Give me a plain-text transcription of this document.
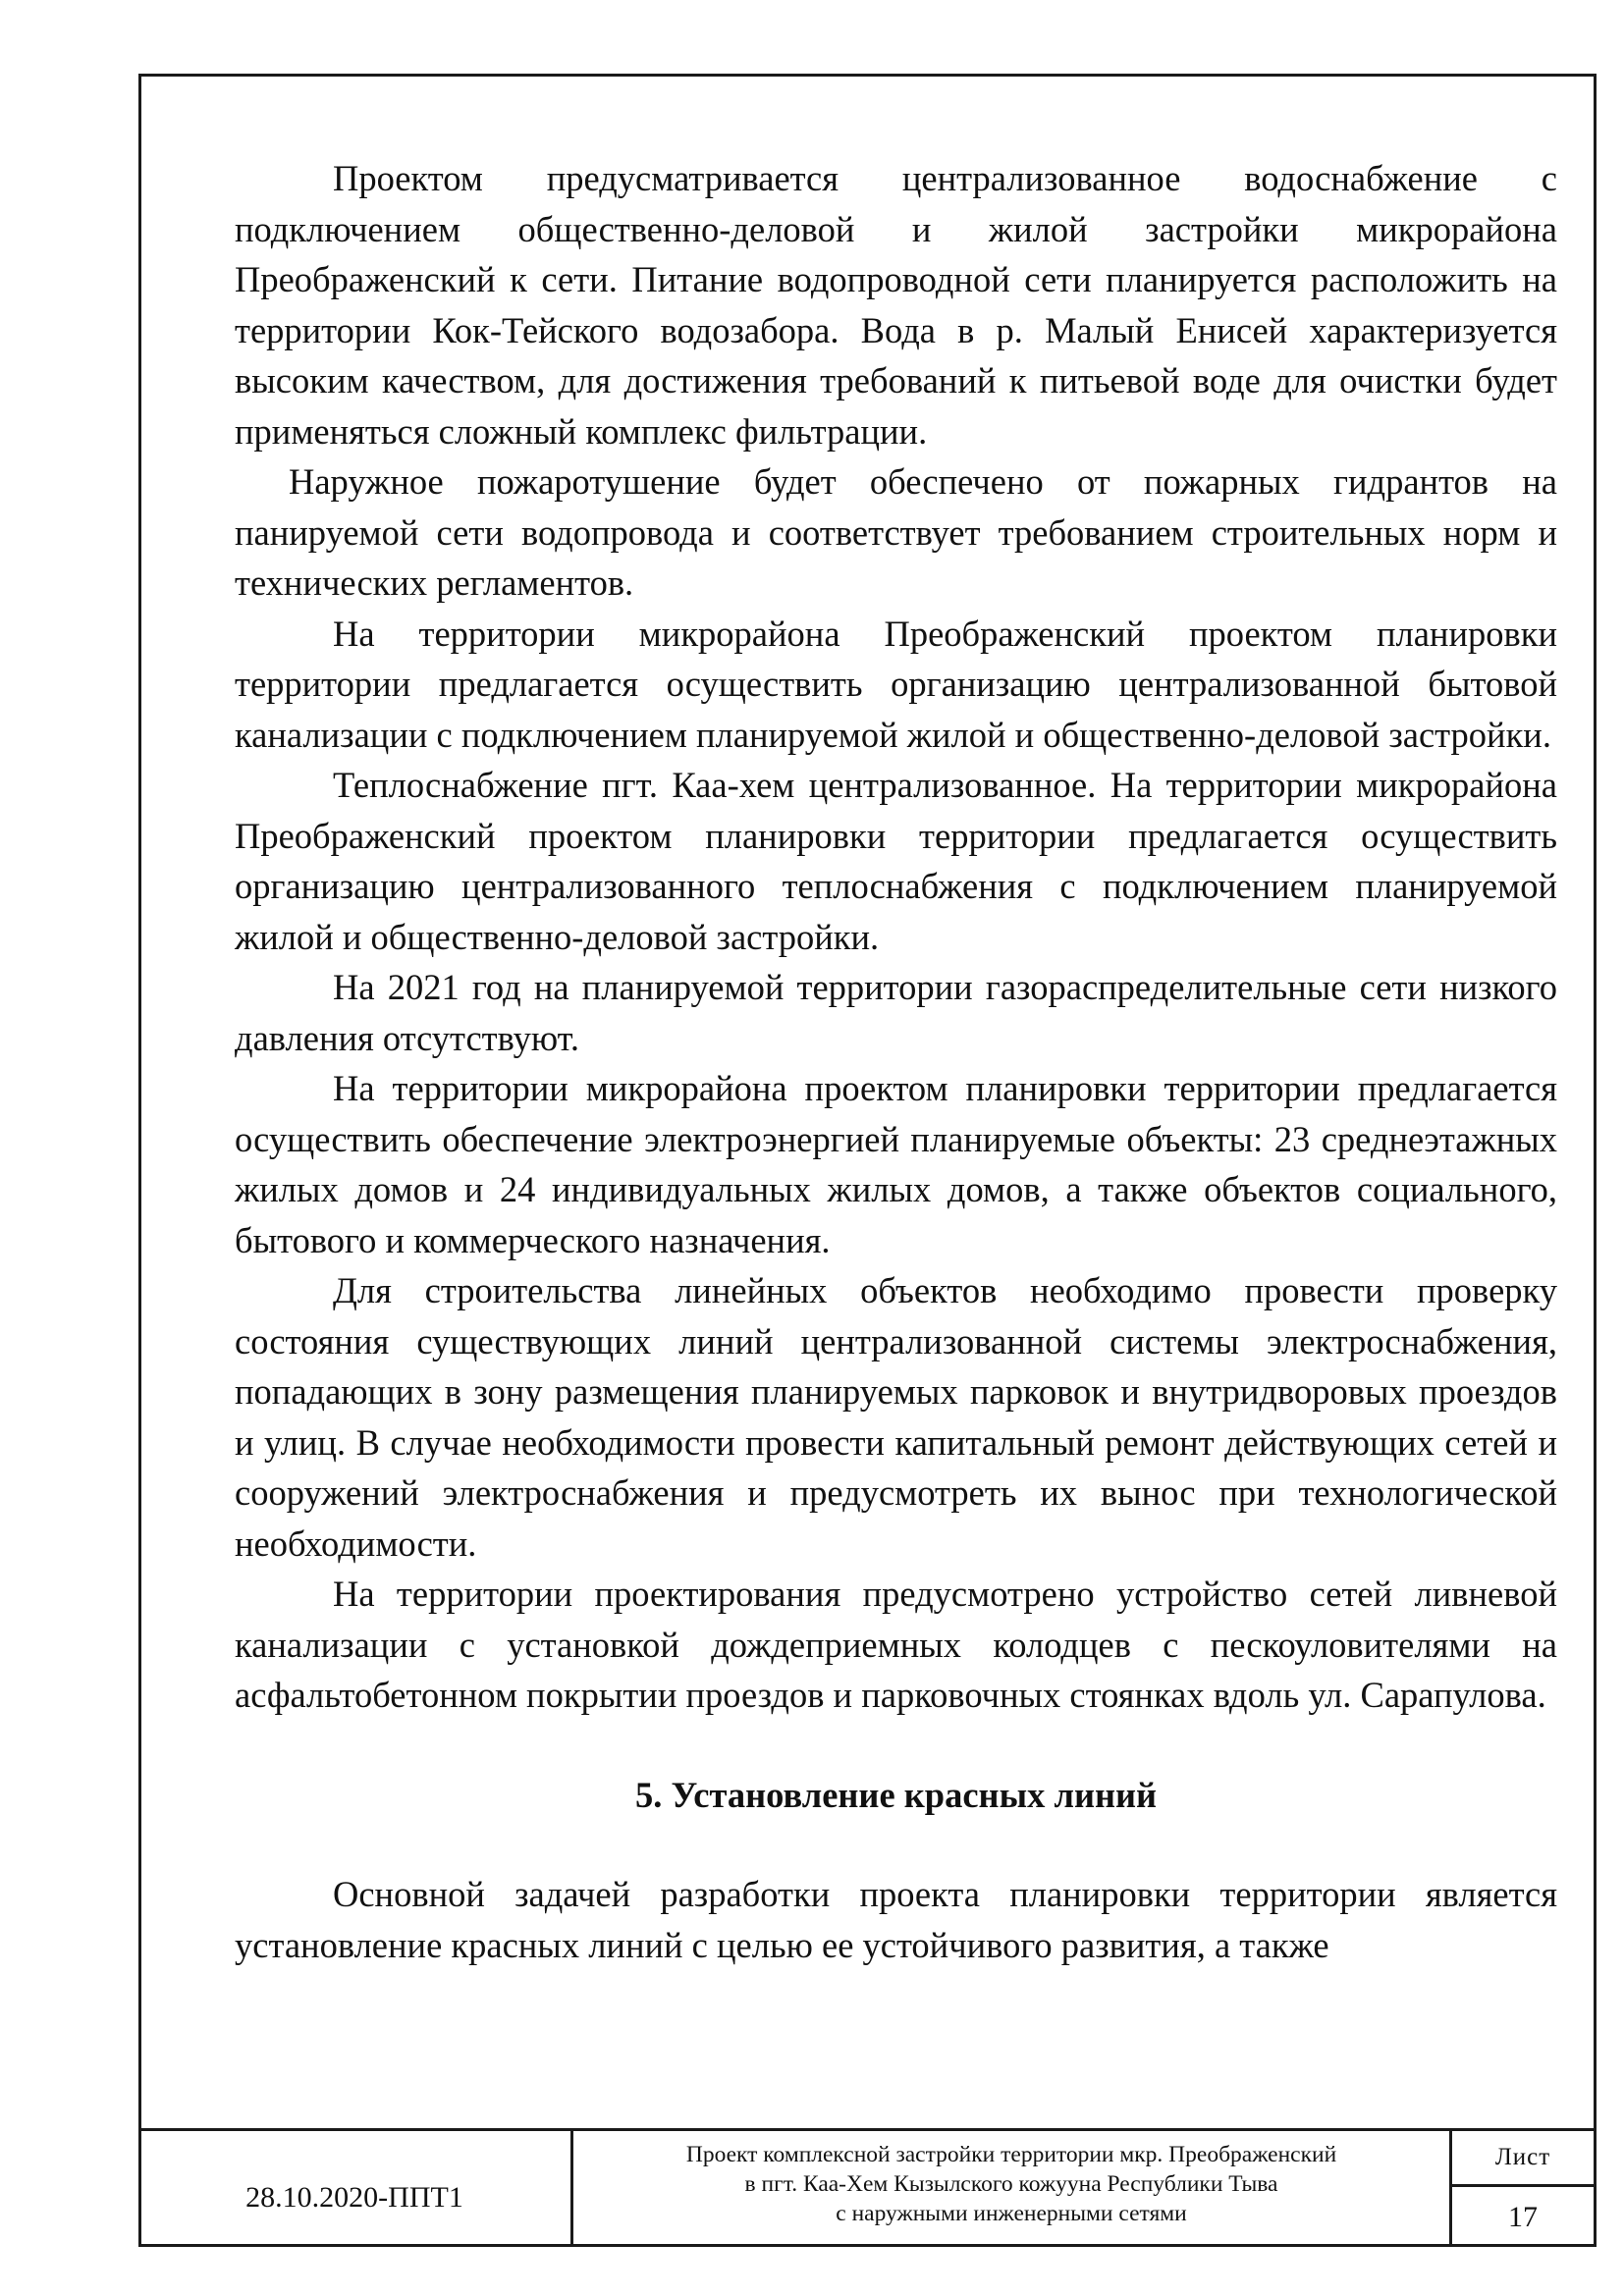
Проектом предусматривается централизованное водоснабжение с подключением общественно-деловой и жилой застройки микрорайона Преображенский к сети. Питание водопроводной сети планируется расположить на территории Кок-Тейского водозабора. Вода в р. Малый Енисей характеризуется высоким качеством, для достижения требований к питьевой воде для очистки будет применяться сложный комплекс фильтрации.

Наружное пожаротушение будет обеспечено от пожарных гидрантов на панируемой сети водопровода и соответствует требованием строительных норм и технических регламентов.

На территории микрорайона Преображенский проектом планировки территории предлагается осуществить организацию централизованной бытовой канализации с подключением планируемой жилой и общественно-деловой застройки.

Теплоснабжение пгт. Каа-хем централизованное. На территории микрорайона Преображенский проектом планировки территории предлагается осуществить организацию централизованного теплоснабжения с подключением планируемой жилой и общественно-деловой застройки.

На 2021 год на планируемой территории газораспределительные сети низкого давления отсутствуют.

На территории микрорайона проектом планировки территории предлагается осуществить обеспечение электроэнергией планируемые объекты: 23 среднеэтажных жилых домов и 24 индивидуальных жилых домов, а также объектов социального, бытового и коммерческого назначения.

Для строительства линейных объектов необходимо провести проверку состояния существующих линий централизованной системы электроснабжения, попадающих в зону размещения планируемых парковок и внутридворовых проездов и улиц. В случае необходимости провести капитальный ремонт действующих сетей и сооружений электроснабжения и предусмотреть их вынос при технологической необходимости.

На территории проектирования предусмотрено устройство сетей ливневой канализации с установкой дождеприемных колодцев с пескоуловителями на асфальтобетонном покрытии проездов и парковочных стоянках вдоль ул. Сарапулова.

5. Установление красных линий

Основной задачей разработки проекта планировки территории является установление красных линий с целью ее устойчивого развития, а также

28.10.2020-ППТ1
Проект комплексной застройки территории мкр. Преображенский
в пгт. Каа-Хем Кызылского кожууна Республики Тыва
с наружными инженерными сетями
Лист
17
